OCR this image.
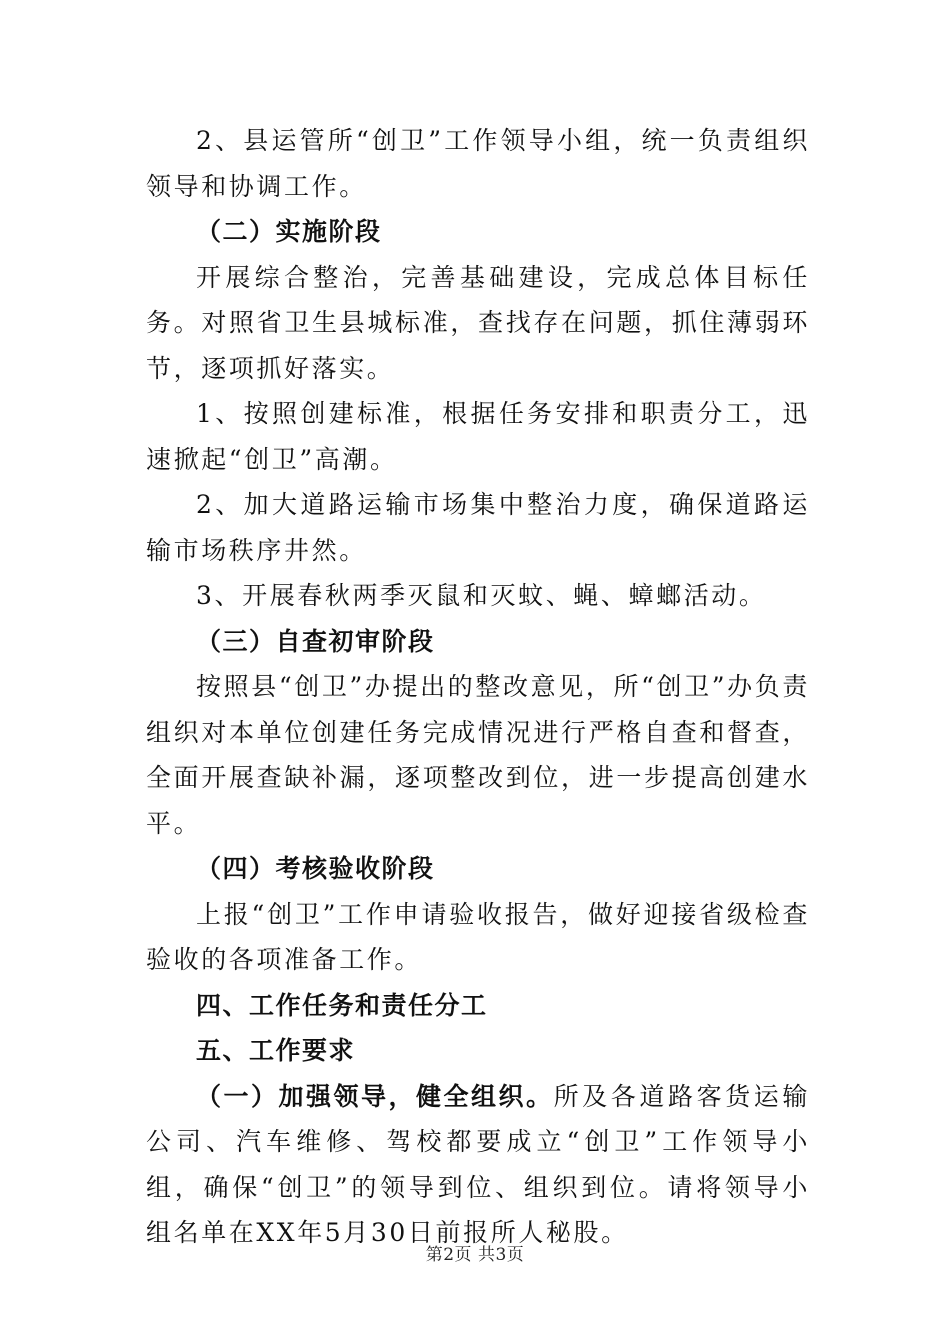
2、县运管所“创卫”工作领导小组，统一负责组织领导和协调工作。

（二）实施阶段

开展综合整治，完善基础建设，完成总体目标任务。对照省卫生县城标准，查找存在问题，抓住薄弱环节，逐项抓好落实。

1、按照创建标准，根据任务安排和职责分工，迅速掀起“创卫”高潮。

2、加大道路运输市场集中整治力度，确保道路运输市场秩序井然。

3、开展春秋两季灭鼠和灭蚊、蝇、蟑螂活动。

（三）自查初审阶段

按照县“创卫”办提出的整改意见，所“创卫”办负责组织对本单位创建任务完成情况进行严格自查和督查，全面开展查缺补漏，逐项整改到位，进一步提高创建水平。

（四）考核验收阶段

上报“创卫”工作申请验收报告，做好迎接省级检查验收的各项准备工作。

四、工作任务和责任分工

五、工作要求

（一）加强领导，健全组织。所及各道路客货运输公司、汽车维修、驾校都要成立“创卫”工作领导小组，确保“创卫”的领导到位、组织到位。请将领导小组名单在XX年5月30日前报所人秘股。

第2页 共3页
